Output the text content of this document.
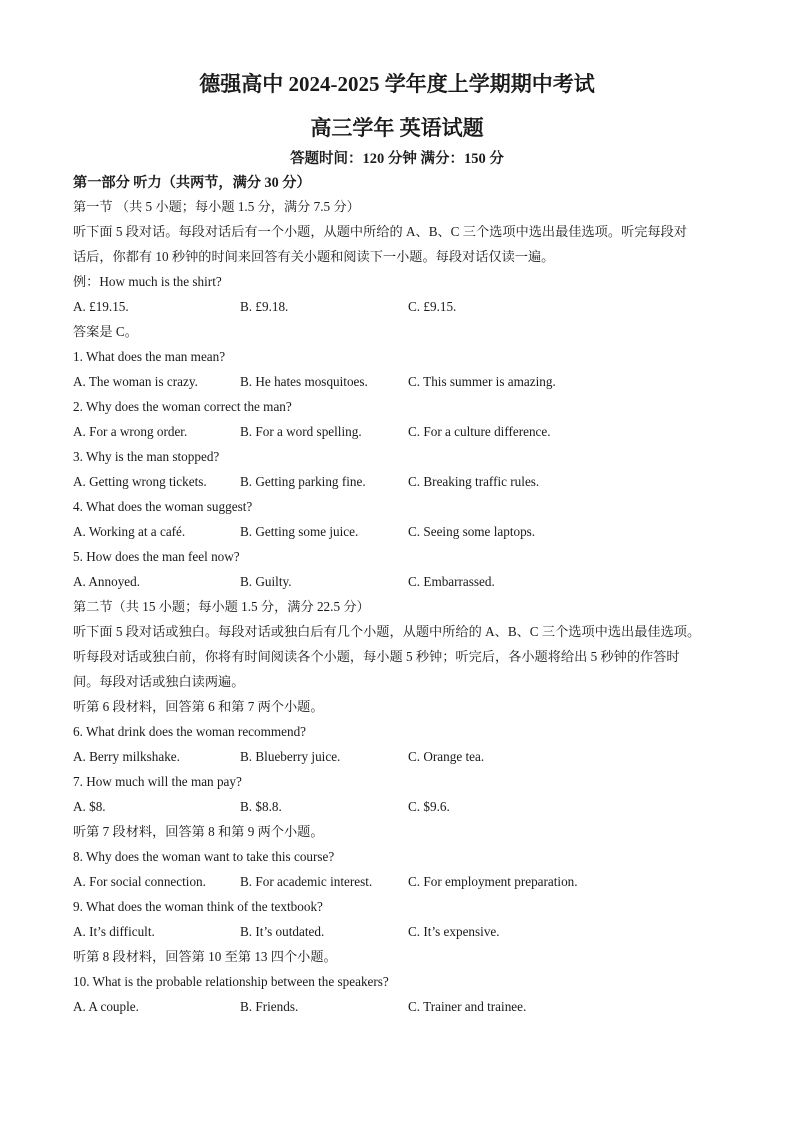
德强高中 2024-2025 学年度上学期期中考试
高三学年 英语试题
答题时间：120 分钟 满分：150 分
第一部分 听力（共两节，满分 30 分）
第一节 （共 5 小题；每小题 1.5 分，满分 7.5 分）
听下面 5 段对话。每段对话后有一个小题，从题中所给的 A、B、C 三个选项中选出最佳选项。听完每段对
话后，你都有 10 秒钟的时间来回答有关小题和阅读下一小题。每段对话仅读一遍。
例：How much is the shirt?
A. £19.15.	B. £9.18.	C. £9.15.
答案是 C。
1. What does the man mean?
A. The woman is crazy.	B. He hates mosquitoes.	C. This summer is amazing.
2. Why does the woman correct the man?
A. For a wrong order.	B. For a word spelling.	C. For a culture difference.
3. Why is the man stopped?
A. Getting wrong tickets.	B. Getting parking fine.	C. Breaking traffic rules.
4. What does the woman suggest?
A. Working at a café.	B. Getting some juice.	C. Seeing some laptops.
5. How does the man feel now?
A. Annoyed.	B. Guilty.	C. Embarrassed.
第二节（共 15 小题；每小题 1.5 分，满分 22.5 分）
听下面 5 段对话或独白。每段对话或独白后有几个小题，从题中所给的 A、B、C 三个选项中选出最佳选项。
听每段对话或独白前，你将有时间阅读各个小题，每小题 5 秒钟；听完后，各小题将给出 5 秒钟的作答时
间。每段对话或独白读两遍。
听第 6 段材料，回答第 6 和第 7 两个小题。
6. What drink does the woman recommend?
A. Berry milkshake.	B. Blueberry juice.	C. Orange tea.
7. How much will the man pay?
A. $8.	B. $8.8.	C. $9.6.
听第 7 段材料，回答第 8 和第 9 两个小题。
8. Why does the woman want to take this course?
A. For social connection.	B. For academic interest.	C. For employment preparation.
9. What does the woman think of the textbook?
A. It’s difficult.	B. It’s outdated.	C. It’s expensive.
听第 8 段材料，回答第 10 至第 13 四个小题。
10. What is the probable relationship between the speakers?
A. A couple.	B. Friends.	C. Trainer and trainee.
